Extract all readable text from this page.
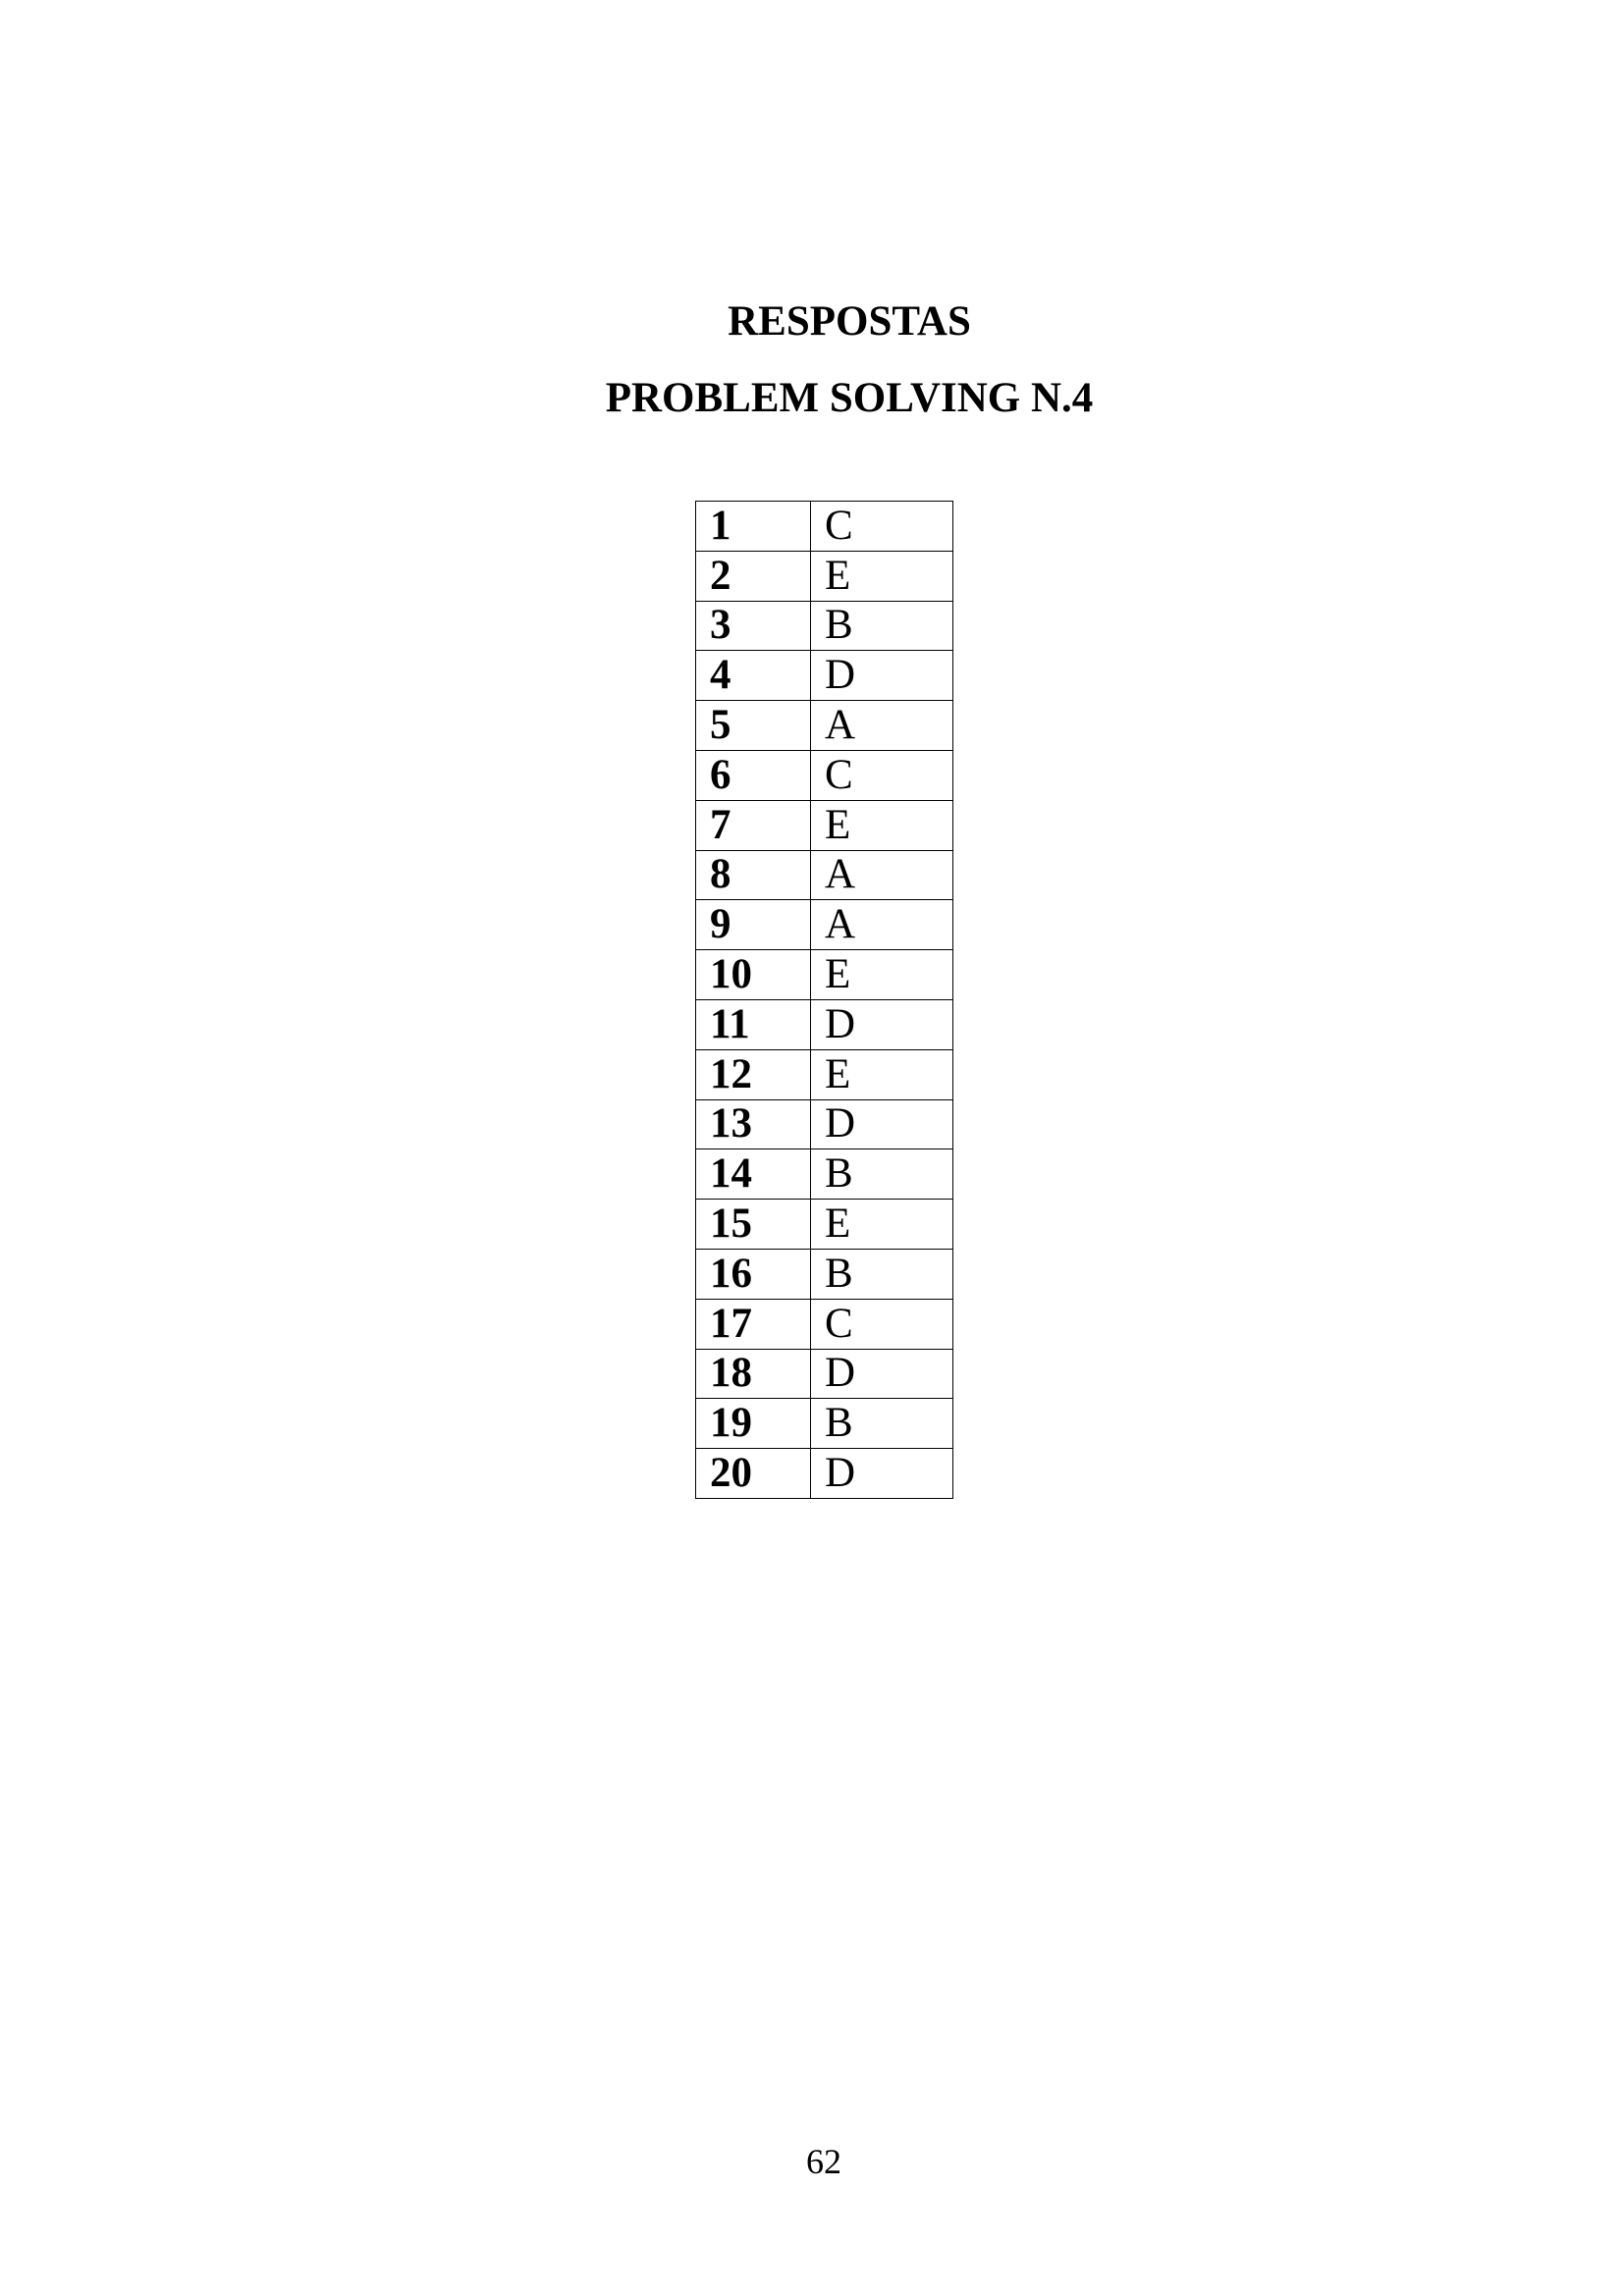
RESPOSTAS
PROBLEM SOLVING N.4
1	C
2	E
3	B
4	D
5	A
6	C
7	E
8	A
9	A
10	E
11	D
12	E
13	D
14	B
15	E
16	B
17	C
18	D
19	B
20	D
62
